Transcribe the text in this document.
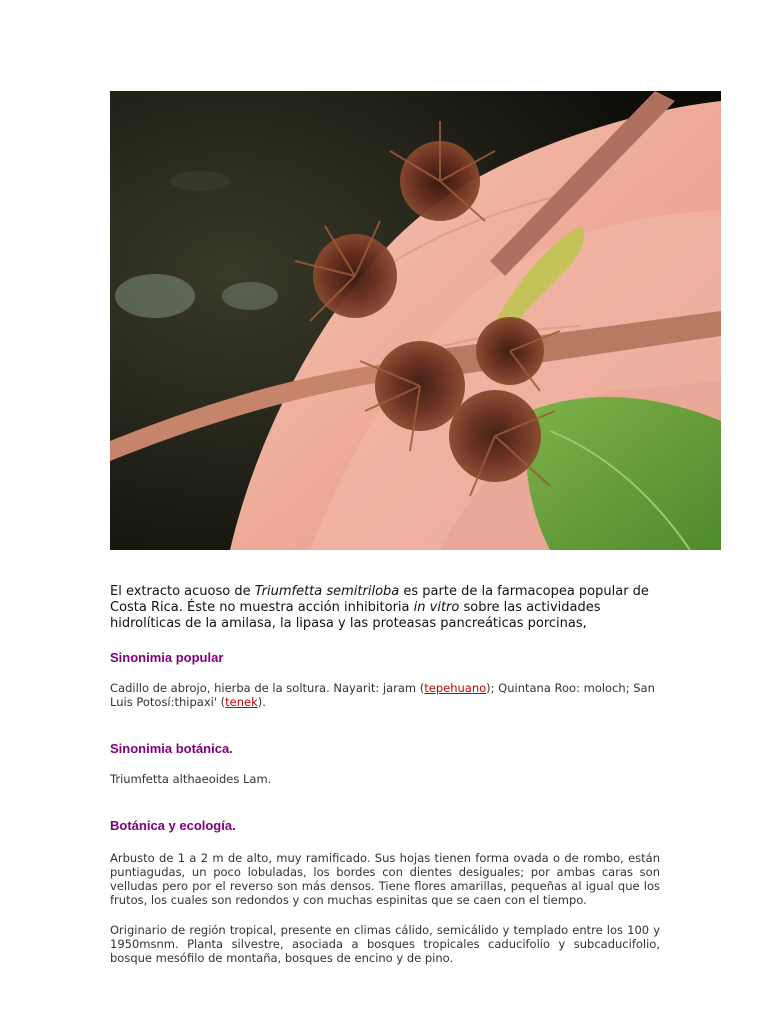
El extracto acuoso de Triumfetta semitriloba es parte de la farmacopea popular de Costa Rica. Éste no muestra acción inhibitoria in vitro sobre las actividades hidrolíticas de la amilasa, la lipasa y las proteasas pancreáticas porcinas,

Sinonimia popular

Cadillo de abrojo, hierba de la soltura. Nayarit: jaram (tepehuano); Quintana Roo: moloch; San Luis Potosí:thipaxi' (tenek).

Sinonimia botánica.

Triumfetta althaeoides Lam.

Botánica y ecología.

Arbusto de 1 a 2 m de alto, muy ramificado. Sus hojas tienen forma ovada o de rombo, están puntiagudas, un poco lobuladas, los bordes con dientes desiguales; por ambas caras son velludas pero por el reverso son más densos. Tiene flores amarillas, pequeñas al igual que los frutos, los cuales son redondos y con muchas espinitas que se caen con el tiempo.

Originario de región tropical, presente en climas cálido, semicálido y templado entre los 100 y 1950msnm. Planta silvestre, asociada a bosques tropicales caducifolio y subcaducifolio, bosque mesófilo de montaña, bosques de encino y de pino.
